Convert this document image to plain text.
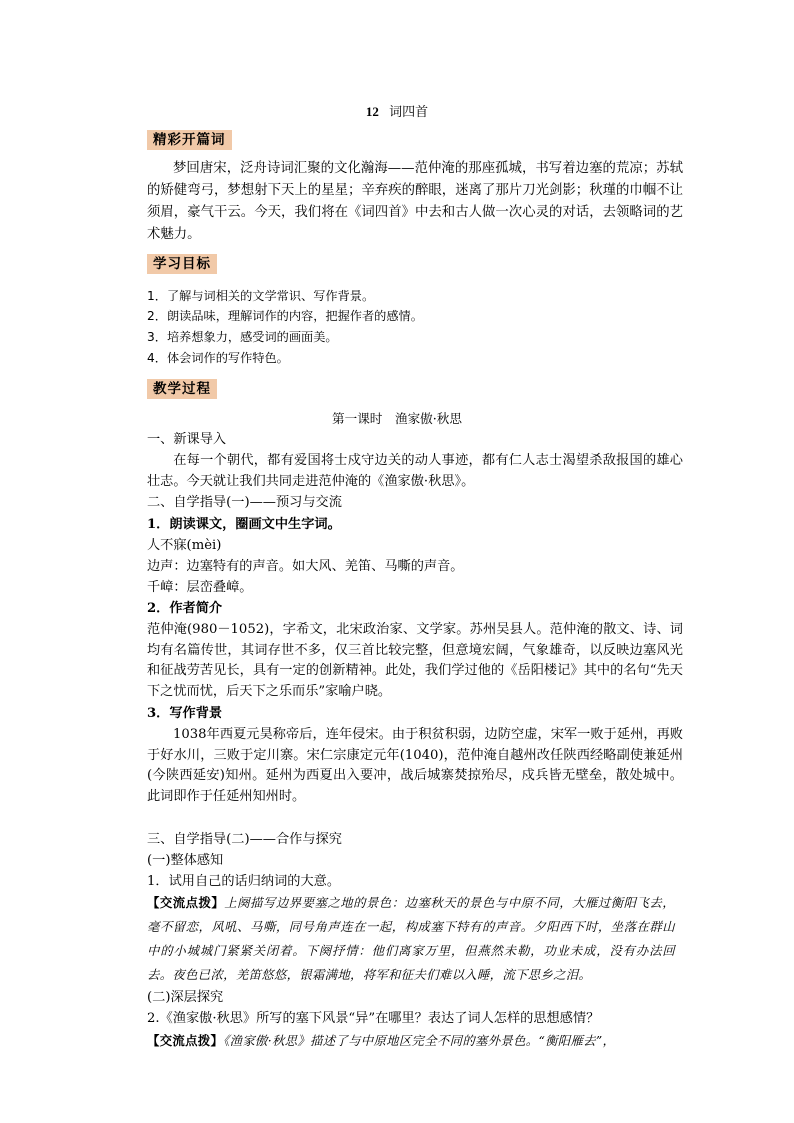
12 词四首
精彩开篇词
梦回唐宋，泛舟诗词汇聚的文化瀚海——范仲淹的那座孤城，书写着边塞的荒凉；苏轼的矫健弯弓，梦想射下天上的星星；辛弃疾的醉眼，迷离了那片刀光剑影；秋瑾的巾帼不让须眉，豪气干云。今天，我们将在《词四首》中去和古人做一次心灵的对话，去领略词的艺术魅力。
学习目标
1．了解与词相关的文学常识、写作背景。
2．朗读品味，理解词作的内容，把握作者的感情。
3．培养想象力，感受词的画面美。
4．体会词作的写作特色。
教学过程
第一课时　渔家傲·秋思
一、新课导入
在每一个朝代，都有爱国将士戍守边关的动人事迹，都有仁人志士渴望杀敌报国的雄心壮志。今天就让我们共同走进范仲淹的《渔家傲·秋思》。
二、自学指导(一)——预习与交流
1．朗读课文，圈画文中生字词。
人不寐(mèi)
边声：边塞特有的声音。如大风、羌笛、马嘶的声音。
千嶂：层峦叠嶂。
2．作者简介
范仲淹(980－1052)，字希文，北宋政治家、文学家。苏州吴县人。范仲淹的散文、诗、词均有名篇传世，其词存世不多，仅三首比较完整，但意境宏阔，气象雄奇，以反映边塞风光和征战劳苦见长，具有一定的创新精神。此处，我们学过他的《岳阳楼记》其中的名句“先天下之忧而忧，后天下之乐而乐”家喻户晓。
3．写作背景
1038年西夏元昊称帝后，连年侵宋。由于积贫积弱，边防空虚，宋军一败于延州，再败于好水川，三败于定川寨。宋仁宗康定元年(1040)，范仲淹自越州改任陕西经略副使兼延州(今陕西延安)知州。延州为西夏出入要冲，战后城寨焚掠殆尽，戍兵皆无壁垒，散处城中。此词即作于任延州知州时。
三、自学指导(二)——合作与探究
(一)整体感知
1．试用自己的话归纳词的大意。
【交流点拨】上阕描写边界要塞之地的景色：边塞秋天的景色与中原不同，大雁过衡阳飞去，毫不留恋，风吼、马嘶，同号角声连在一起，构成塞下特有的声音。夕阳西下时，坐落在群山中的小城城门紧紧关闭着。下阕抒情：他们离家万里，但燕然未勒，功业未成，没有办法回去。夜色已浓，羌笛悠悠，银霜满地，将军和征夫们难以入睡，流下思乡之泪。
(二)深层探究
2.《渔家傲·秋思》所写的塞下风景“异”在哪里？表达了词人怎样的思想感情？
【交流点拨】《渔家傲·秋思》描述了与中原地区完全不同的塞外景色。“衡阳雁去”，
